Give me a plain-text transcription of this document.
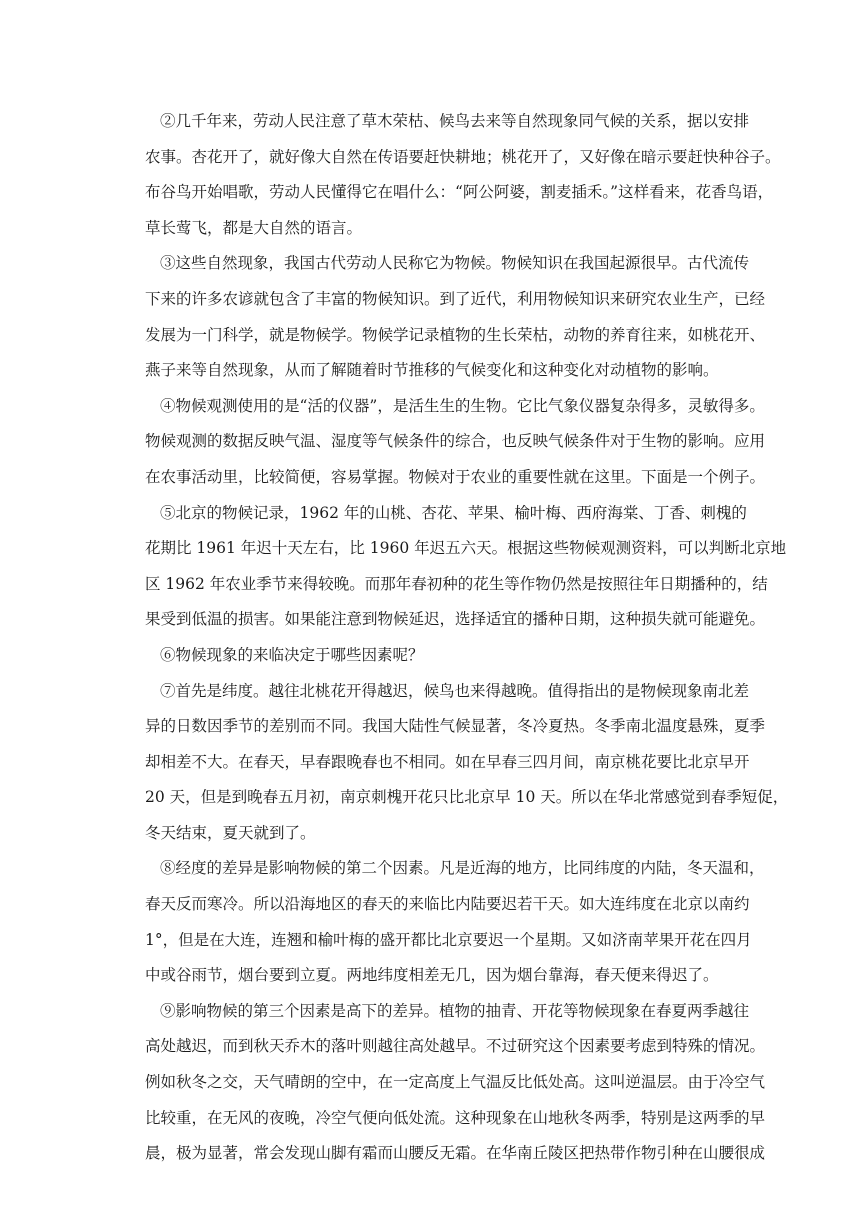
②几千年来，劳动人民注意了草木荣枯、候鸟去来等自然现象同气候的关系，据以安排
农事。杏花开了，就好像大自然在传语要赶快耕地；桃花开了，又好像在暗示要赶快种谷子。
布谷鸟开始唱歌，劳动人民懂得它在唱什么：“阿公阿婆，割麦插禾。”这样看来，花香鸟语，
草长莺飞，都是大自然的语言。
③这些自然现象，我国古代劳动人民称它为物候。物候知识在我国起源很早。古代流传
下来的许多农谚就包含了丰富的物候知识。到了近代，利用物候知识来研究农业生产，已经
发展为一门科学，就是物候学。物候学记录植物的生长荣枯，动物的养育往来，如桃花开、
燕子来等自然现象，从而了解随着时节推移的气候变化和这种变化对动植物的影响。
④物候观测使用的是“活的仪器”，是活生生的生物。它比气象仪器复杂得多，灵敏得多。
物候观测的数据反映气温、湿度等气候条件的综合，也反映气候条件对于生物的影响。应用
在农事活动里，比较简便，容易掌握。物候对于农业的重要性就在这里。下面是一个例子。
⑤北京的物候记录，1962 年的山桃、杏花、苹果、榆叶梅、西府海棠、丁香、刺槐的
花期比 1961 年迟十天左右，比 1960 年迟五六天。根据这些物候观测资料，可以判断北京地
区 1962 年农业季节来得较晚。而那年春初种的花生等作物仍然是按照往年日期播种的，结
果受到低温的损害。如果能注意到物候延迟，选择适宜的播种日期，这种损失就可能避免。
⑥物候现象的来临决定于哪些因素呢？
⑦首先是纬度。越往北桃花开得越迟，候鸟也来得越晚。值得指出的是物候现象南北差
异的日数因季节的差别而不同。我国大陆性气候显著，冬冷夏热。冬季南北温度悬殊，夏季
却相差不大。在春天，早春跟晚春也不相同。如在早春三四月间，南京桃花要比北京早开
20 天，但是到晚春五月初，南京刺槐开花只比北京早 10 天。所以在华北常感觉到春季短促，
冬天结束，夏天就到了。
⑧经度的差异是影响物候的第二个因素。凡是近海的地方，比同纬度的内陆，冬天温和，
春天反而寒冷。所以沿海地区的春天的来临比内陆要迟若干天。如大连纬度在北京以南约
1°，但是在大连，连翘和榆叶梅的盛开都比北京要迟一个星期。又如济南苹果开花在四月
中或谷雨节，烟台要到立夏。两地纬度相差无几，因为烟台靠海，春天便来得迟了。
⑨影响物候的第三个因素是高下的差异。植物的抽青、开花等物候现象在春夏两季越往
高处越迟，而到秋天乔木的落叶则越往高处越早。不过研究这个因素要考虑到特殊的情况。
例如秋冬之交，天气晴朗的空中，在一定高度上气温反比低处高。这叫逆温层。由于冷空气
比较重，在无风的夜晚，冷空气便向低处流。这种现象在山地秋冬两季，特别是这两季的早
晨，极为显著，常会发现山脚有霜而山腰反无霜。在华南丘陵区把热带作物引种在山腰很成
